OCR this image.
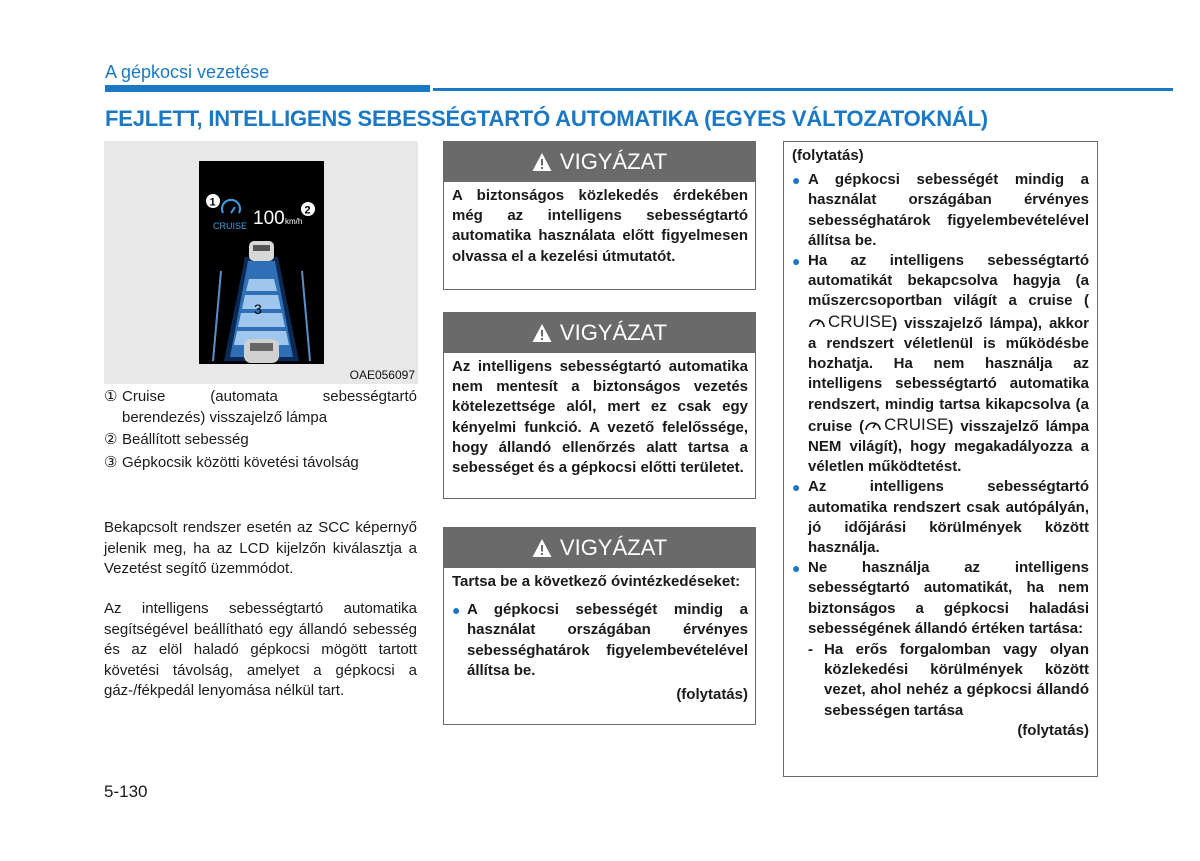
A gépkocsi vezetése
FEJLETT, INTELLIGENS SEBESSÉGTARTÓ AUTOMATIKA (EGYES VÁLTOZATOKNÁL)
CRUISE 100 km/h
1
2
3
OAE056097
① Cruise (automata sebességtartó berendezés) visszajelző lámpa
② Beállított sebesség
③ Gépkocsik közötti követési távolság
Bekapcsolt rendszer esetén az SCC képernyő jelenik meg, ha az LCD kijelzőn kiválasztja a Vezetést segítő üzemmódot.
Az intelligens sebességtartó automatika segítségével beállítható egy állandó sebesség és az elöl haladó gépkocsi mögött tartott követési távolság, amelyet a gépkocsi a gáz-/fékpedál lenyomása nélkül tart.
VIGYÁZAT
A biztonságos közlekedés érdekében még az intelligens sebességtartó automatika használata előtt figyelmesen olvassa el a kezelési útmutatót.
VIGYÁZAT
Az intelligens sebességtartó automatika nem mentesít a biztonságos vezetés kötelezettsége alól, mert ez csak egy kényelmi funkció. A vezető felelőssége, hogy állandó ellenőrzés alatt tartsa a sebességet és a gépkocsi előtti területet.
VIGYÁZAT
Tartsa be a következő óvintézkedéseket:
● A gépkocsi sebességét mindig a használat országában érvényes sebességhatárok figyelembevételével állítsa be.
(folytatás)
(folytatás)
● A gépkocsi sebességét mindig a használat országában érvényes sebességhatárok figyelembevételével állítsa be.
● Ha az intelligens sebességtartó automatikát bekapcsolva hagyja (a műszercsoportban világít a cruise (
CRUISE ) visszajelző lámpa), akkor a rendszert véletlenül is működésbe hozhatja. Ha nem használja az intelligens sebességtartó automatika rendszert, mindig tartsa kikapcsolva (a cruise ( CRUISE ) visszajelző lámpa NEM világít), hogy megakadályozza a véletlen működtetést.
● Az intelligens sebességtartó automatika rendszert csak autópályán, jó időjárási körülmények között használja.
● Ne használja az intelligens sebességtartó automatikát, ha nem biztonságos a gépkocsi haladási sebességének állandó értéken tartása:
- Ha erős forgalomban vagy olyan közlekedési körülmények között vezet, ahol nehéz a gépkocsi állandó sebességen tartása
(folytatás)
5-130
